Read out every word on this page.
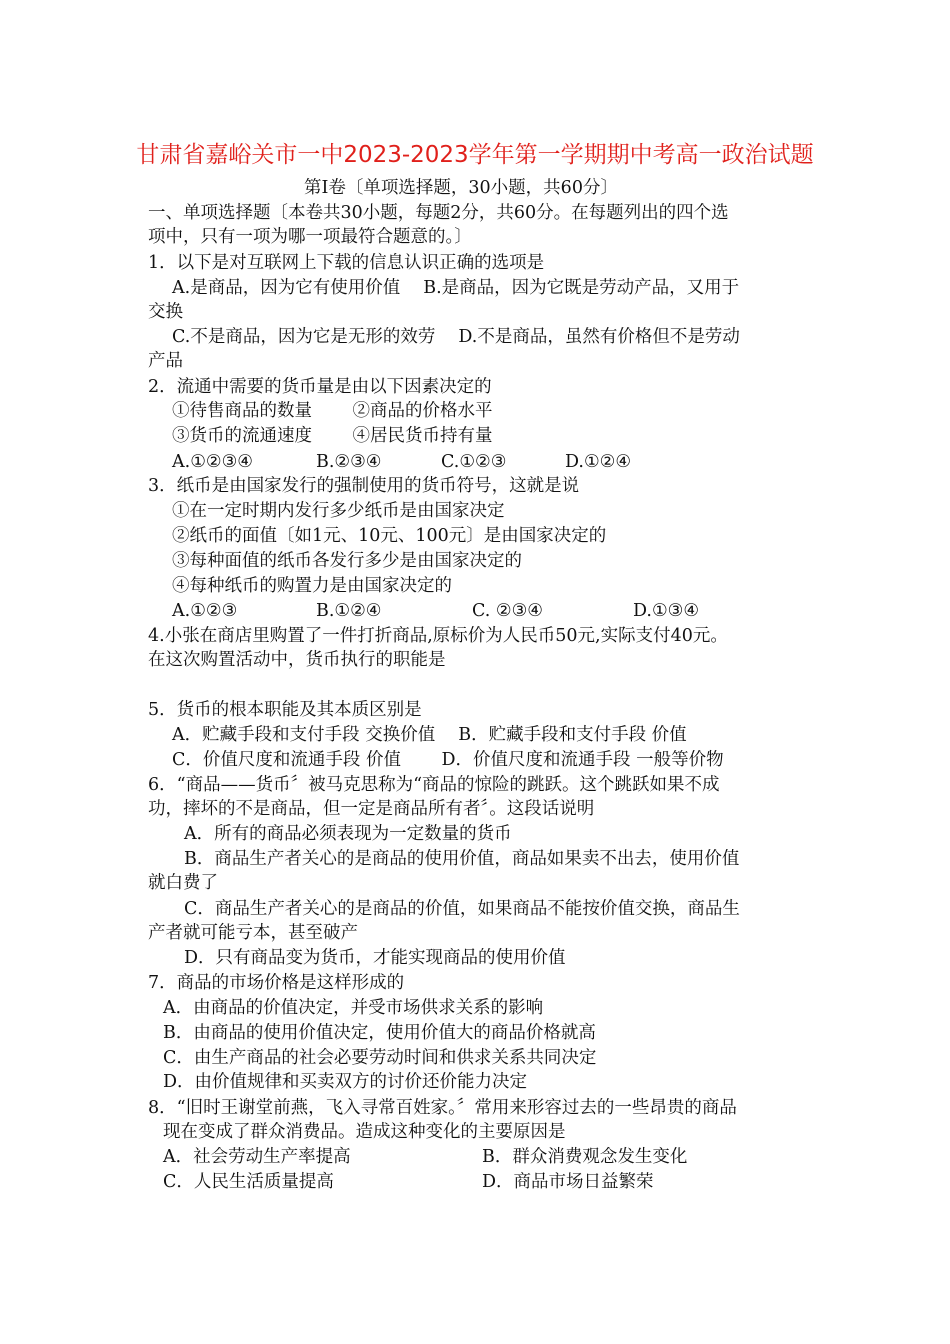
甘肃省嘉峪关市一中2023-2023学年第一学期期中考高一政治试题
第I卷〔单项选择题，30小题，共60分〕
一、单项选择题〔本卷共30小题，每题2分，共60分。在每题列出的四个选
项中，只有一项为哪一项最符合题意的。〕
1．以下是对互联网上下载的信息认识正确的选项是
A.是商品，因为它有使用价值　 B.是商品，因为它既是劳动产品，又用于
交换
C.不是商品，因为它是无形的效劳　 D.不是商品，虽然有价格但不是劳动
产品
2．流通中需要的货币量是由以下因素决定的
①待售商品的数量　　 ②商品的价格水平
③货币的流通速度　　 ④居民货币持有量
A.①②③④	B.②③④	C.①②③	D.①②④
3．纸币是由国家发行的强制使用的货币符号，这就是说
①在一定时期内发行多少纸币是由国家决定
②纸币的面值〔如1元、10元、100元〕是由国家决定的
③每种面值的纸币各发行多少是由国家决定的
④每种纸币的购置力是由国家决定的
A.①②③	B.①②④	C. ②③④	D.①③④
4.小张在商店里购置了一件打折商品,原标价为人民币50元,实际支付40元。
在这次购置活动中，货币执行的职能是
5．货币的根本职能及其本质区别是
A．贮藏手段和支付手段 交换价值　 B．贮藏手段和支付手段 价值
C．价值尺度和流通手段 价值　　 D．价值尺度和流通手段 一般等价物
6．“商品——货币〞被马克思称为“商品的惊险的跳跃。这个跳跃如果不成
功，摔坏的不是商品，但一定是商品所有者〞。这段话说明
A．所有的商品必须表现为一定数量的货币
B．商品生产者关心的是商品的使用价值，商品如果卖不出去，使用价值
就白费了
C．商品生产者关心的是商品的价值，如果商品不能按价值交换，商品生
产者就可能亏本，甚至破产
D．只有商品变为货币，才能实现商品的使用价值
7．商品的市场价格是这样形成的
A．由商品的价值决定，并受市场供求关系的影响
B．由商品的使用价值决定，使用价值大的商品价格就高
C．由生产商品的社会必要劳动时间和供求关系共同决定
D．由价值规律和买卖双方的讨价还价能力决定
8．“旧时王谢堂前燕，飞入寻常百姓家。〞常用来形容过去的一些昂贵的商品
现在变成了群众消费品。造成这种变化的主要原因是
A．社会劳动生产率提高	B．群众消费观念发生变化
C．人民生活质量提高	D．商品市场日益繁荣
